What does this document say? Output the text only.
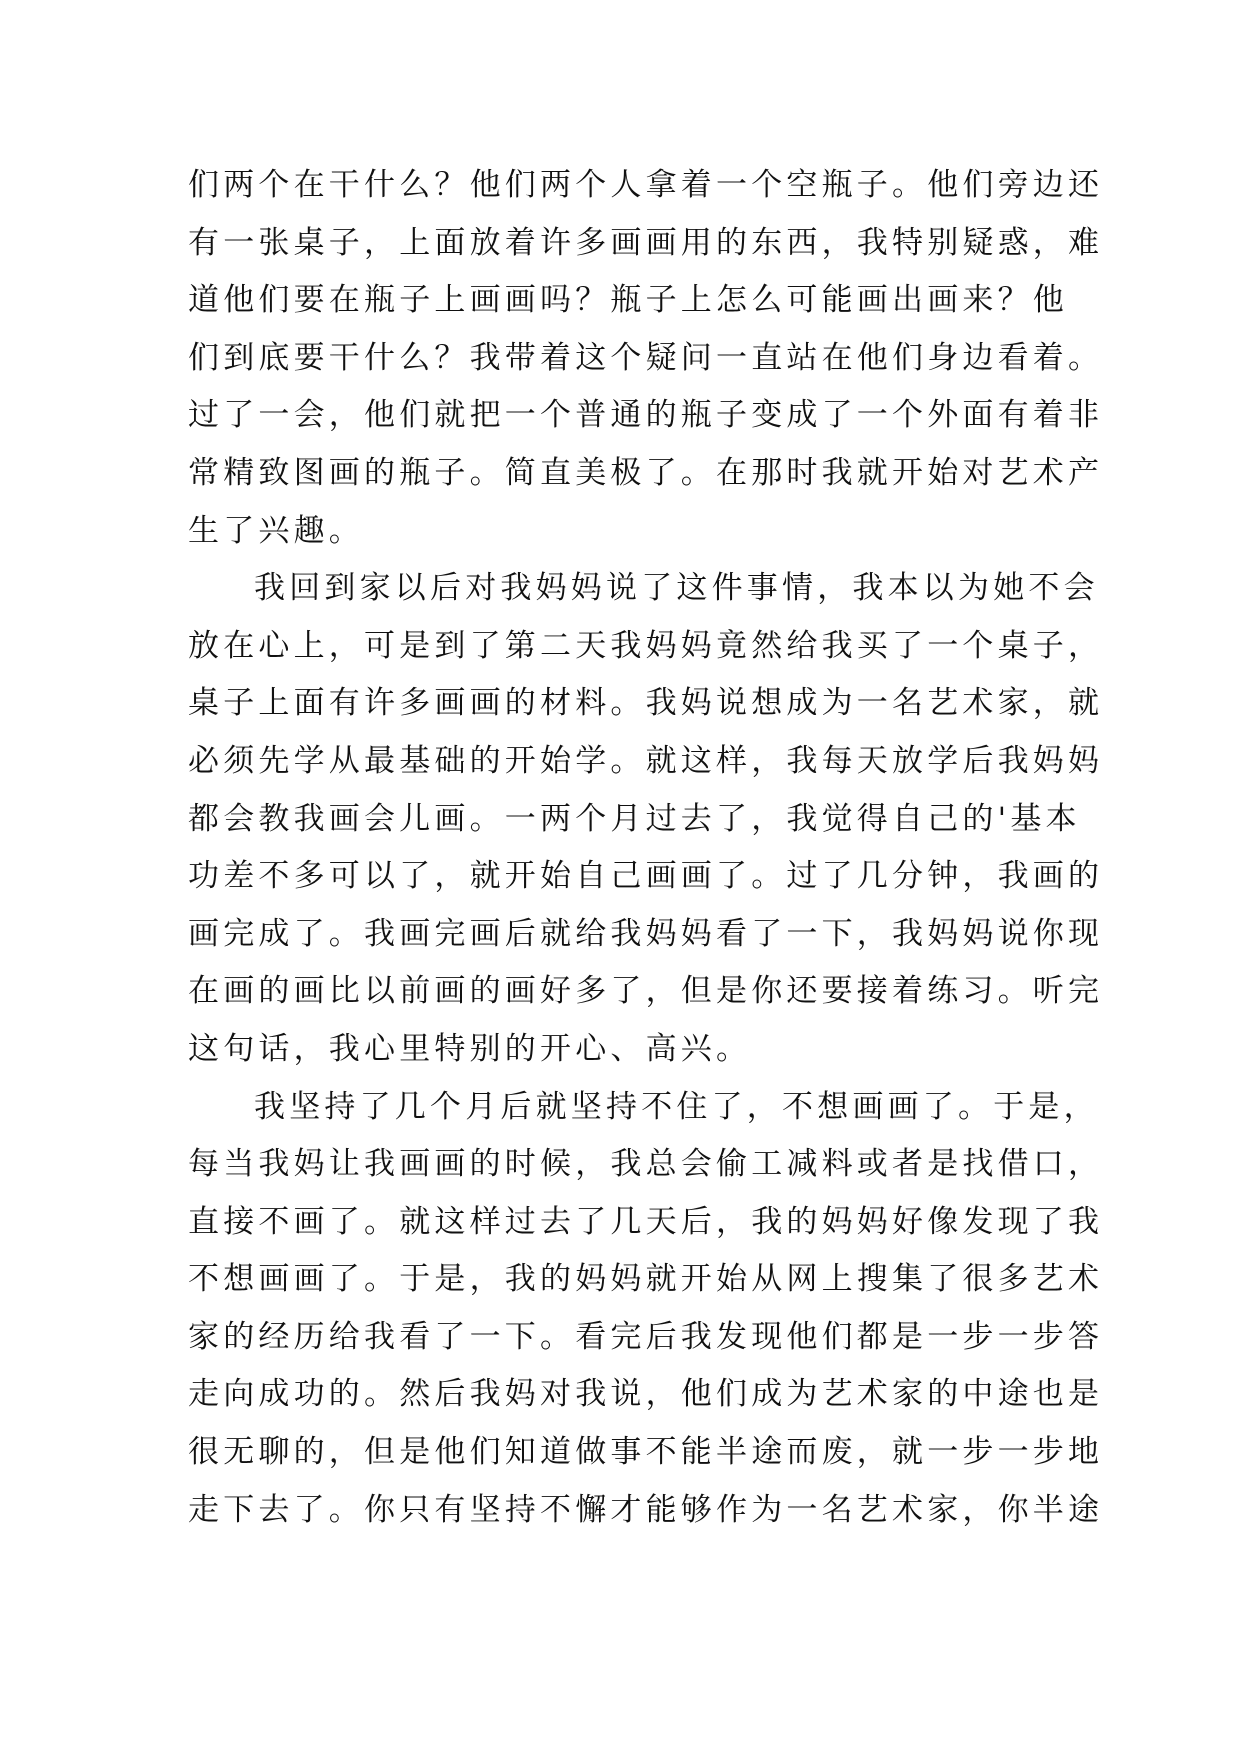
们两个在干什么？他们两个人拿着一个空瓶子。他们旁边还
有一张桌子，上面放着许多画画用的东西，我特别疑惑，难
道他们要在瓶子上画画吗？瓶子上怎么可能画出画来？他
们到底要干什么？我带着这个疑问一直站在他们身边看着。
过了一会，他们就把一个普通的瓶子变成了一个外面有着非
常精致图画的瓶子。简直美极了。在那时我就开始对艺术产
生了兴趣。
我回到家以后对我妈妈说了这件事情，我本以为她不会
放在心上，可是到了第二天我妈妈竟然给我买了一个桌子，
桌子上面有许多画画的材料。我妈说想成为一名艺术家，就
必须先学从最基础的开始学。就这样，我每天放学后我妈妈
都会教我画会儿画。一两个月过去了，我觉得自己的'基本
功差不多可以了，就开始自己画画了。过了几分钟，我画的
画完成了。我画完画后就给我妈妈看了一下，我妈妈说你现
在画的画比以前画的画好多了，但是你还要接着练习。听完
这句话，我心里特别的开心、高兴。
我坚持了几个月后就坚持不住了，不想画画了。于是，
每当我妈让我画画的时候，我总会偷工减料或者是找借口，
直接不画了。就这样过去了几天后，我的妈妈好像发现了我
不想画画了。于是，我的妈妈就开始从网上搜集了很多艺术
家的经历给我看了一下。看完后我发现他们都是一步一步答
走向成功的。然后我妈对我说，他们成为艺术家的中途也是
很无聊的，但是他们知道做事不能半途而废，就一步一步地
走下去了。你只有坚持不懈才能够作为一名艺术家，你半途
